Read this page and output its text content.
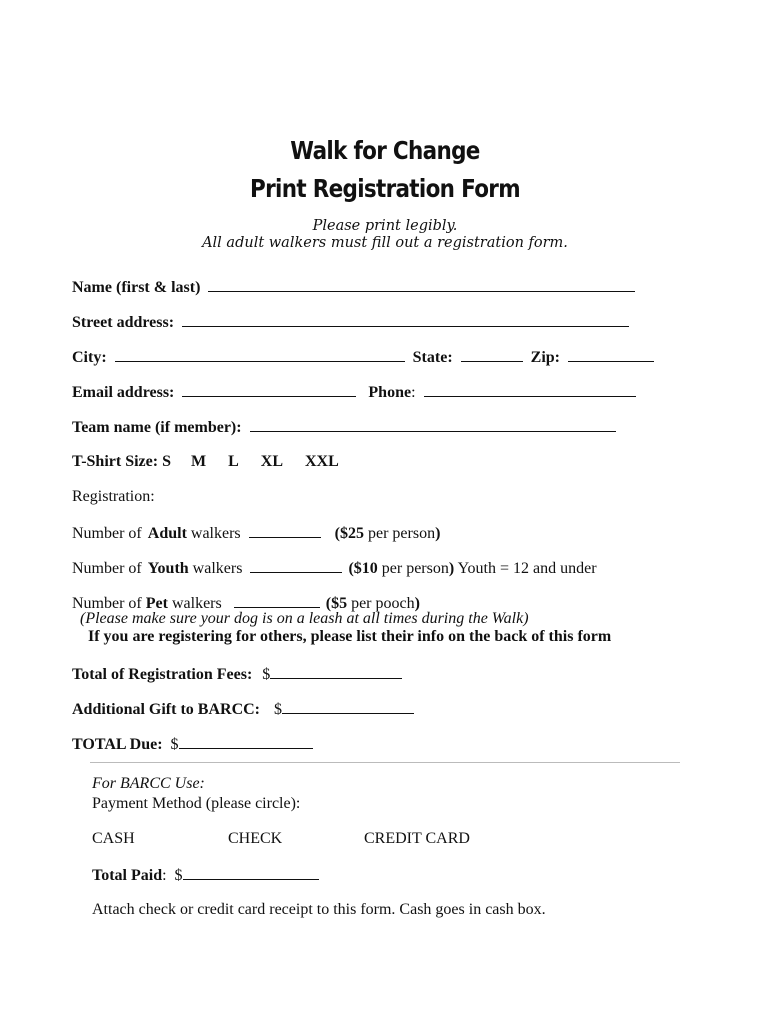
Walk for Change
Print Registration Form
Please print legibly.
All adult walkers must fill out a registration form.
Name (first & last)
Street address:
City:	State:	Zip:
Email address:	Phone:
Team name (if member):
T-Shirt Size: S M L XL XXL
Registration:
Number of Adult walkers	($25 per person)
Number of Youth walkers	($10 per person) Youth = 12 and under
Number of Pet walkers	($5 per pooch)
(Please make sure your dog is on a leash at all times during the Walk)
If you are registering for others, please list their info on the back of this form
Total of Registration Fees: $
Additional Gift to BARCC: $
TOTAL Due: $
For BARCC Use:
Payment Method (please circle):
CASH	CHECK	CREDIT CARD
Total Paid: $
Attach check or credit card receipt to this form. Cash goes in cash box.
